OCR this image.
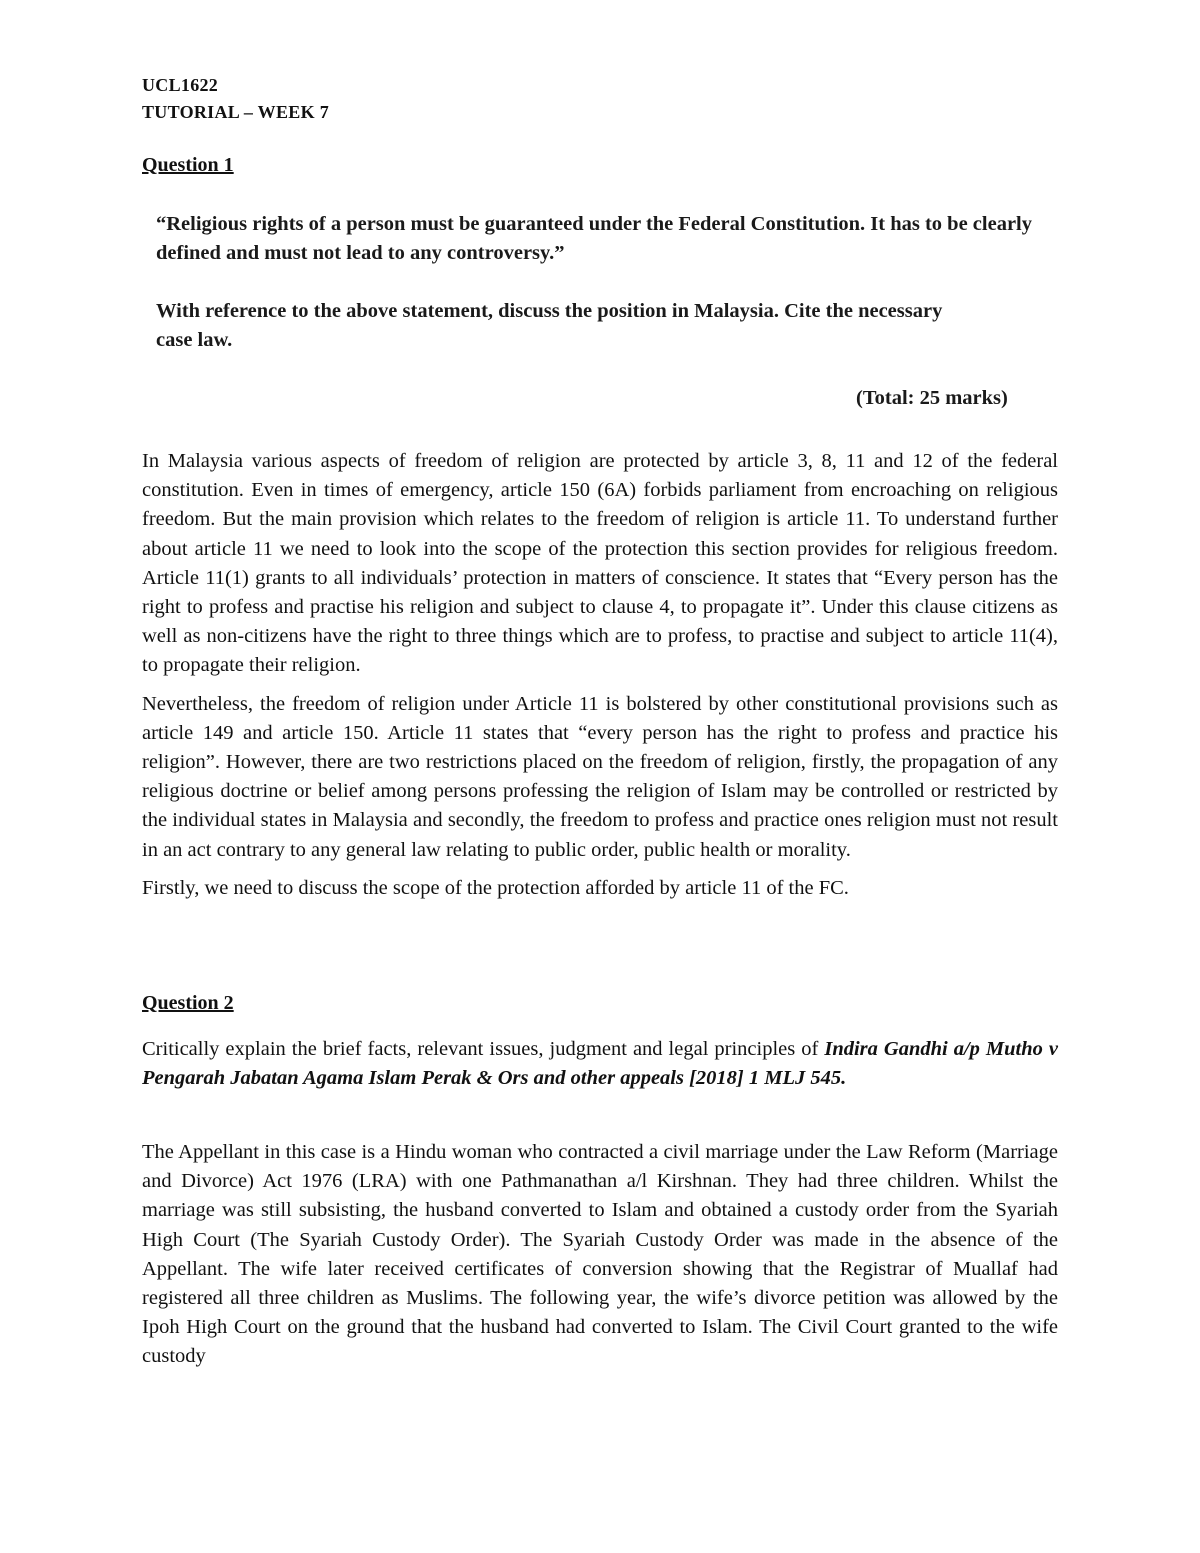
UCL1622
TUTORIAL – WEEK 7
Question 1
“Religious rights of a person must be guaranteed under the Federal Constitution. It has to be clearly defined and must not lead to any controversy.”
With reference to the above statement, discuss the position in Malaysia. Cite the necessary case law.
(Total: 25 marks)

In Malaysia various aspects of freedom of religion are protected by article 3, 8, 11 and 12 of the federal constitution. Even in times of emergency, article 150 (6A) forbids parliament from encroaching on religious freedom. But the main provision which relates to the freedom of religion is article 11. To understand further about article 11 we need to look into the scope of the protection this section provides for religious freedom. Article 11(1) grants to all individuals’ protection in matters of conscience. It states that “Every person has the right to profess and practise his religion and subject to clause 4, to propagate it”. Under this clause citizens as well as non-citizens have the right to three things which are to profess, to practise and subject to article 11(4), to propagate their religion.

Nevertheless, the freedom of religion under Article 11 is bolstered by other constitutional provisions such as article 149 and article 150. Article 11 states that “every person has the right to profess and practice his religion”. However, there are two restrictions placed on the freedom of religion, firstly, the propagation of any religious doctrine or belief among persons professing the religion of Islam may be controlled or restricted by the individual states in Malaysia and secondly, the freedom to profess and practice ones religion must not result in an act contrary to any general law relating to public order, public health or morality.

Firstly, we need to discuss the scope of the protection afforded by article 11 of the FC.

Question 2

Critically explain the brief facts, relevant issues, judgment and legal principles of Indira Gandhi a/p Mutho v Pengarah Jabatan Agama Islam Perak & Ors and other appeals [2018] 1 MLJ 545.

The Appellant in this case is a Hindu woman who contracted a civil marriage under the Law Reform (Marriage and Divorce) Act 1976 (LRA) with one Pathmanathan a/l Kirshnan. They had three children. Whilst the marriage was still subsisting, the husband converted to Islam and obtained a custody order from the Syariah High Court (The Syariah Custody Order). The Syariah Custody Order was made in the absence of the Appellant. The wife later received certificates of conversion showing that the Registrar of Muallaf had registered all three children as Muslims. The following year, the wife’s divorce petition was allowed by the Ipoh High Court on the ground that the husband had converted to Islam. The Civil Court granted to the wife custody
